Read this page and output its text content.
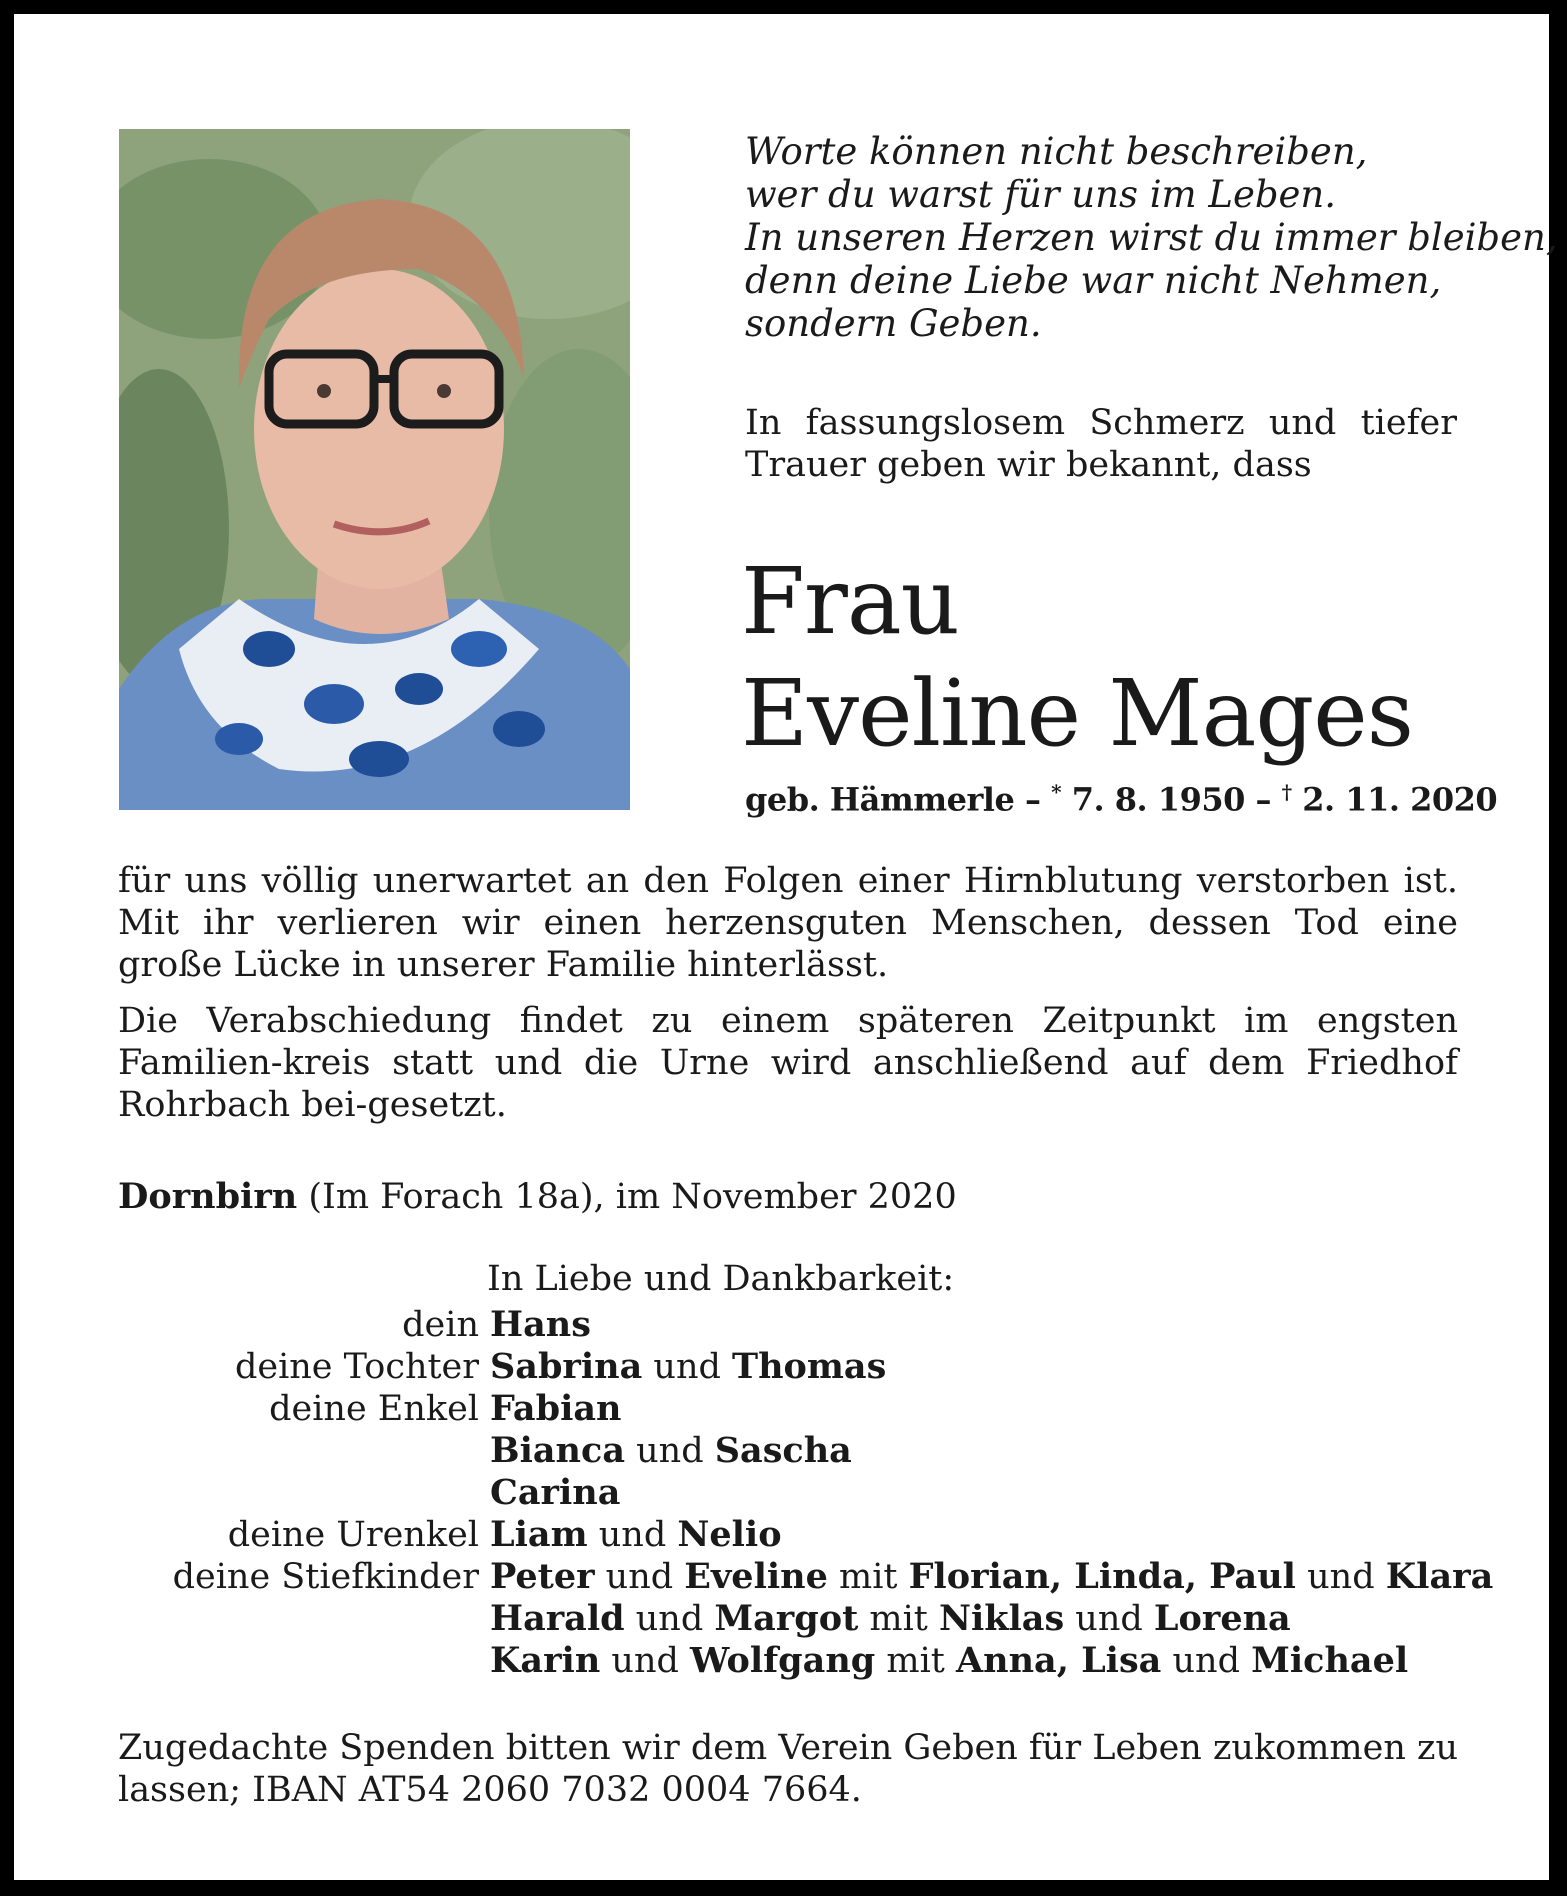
Worte können nicht beschreiben,
wer du warst für uns im Leben.
In unseren Herzen wirst du immer bleiben,
denn deine Liebe war nicht Nehmen,
sondern Geben.
In fassungslosem Schmerz und tiefer Trauer geben wir bekannt, dass
Frau
Eveline Mages
geb. Hämmerle – * 7. 8. 1950 – † 2. 11. 2020
für uns völlig unerwartet an den Folgen einer Hirnblutung verstorben ist. Mit ihr verlieren wir einen herzensguten Menschen, dessen Tod eine große Lücke in unserer Familie hinterlässt.
Die Verabschiedung findet zu einem späteren Zeitpunkt im engsten Familien-kreis statt und die Urne wird anschließend auf dem Friedhof Rohrbach bei-gesetzt.
Dornbirn (Im Forach 18a), im November 2020
In Liebe und Dankbarkeit:
dein Hans
deine Tochter Sabrina und Thomas
deine Enkel Fabian
Bianca und Sascha
Carina
deine Urenkel Liam und Nelio
deine Stiefkinder Peter und Eveline mit Florian, Linda, Paul und Klara
Harald und Margot mit Niklas und Lorena
Karin und Wolfgang mit Anna, Lisa und Michael
Zugedachte Spenden bitten wir dem Verein Geben für Leben zukommen zu lassen; IBAN AT54 2060 7032 0004 7664.
